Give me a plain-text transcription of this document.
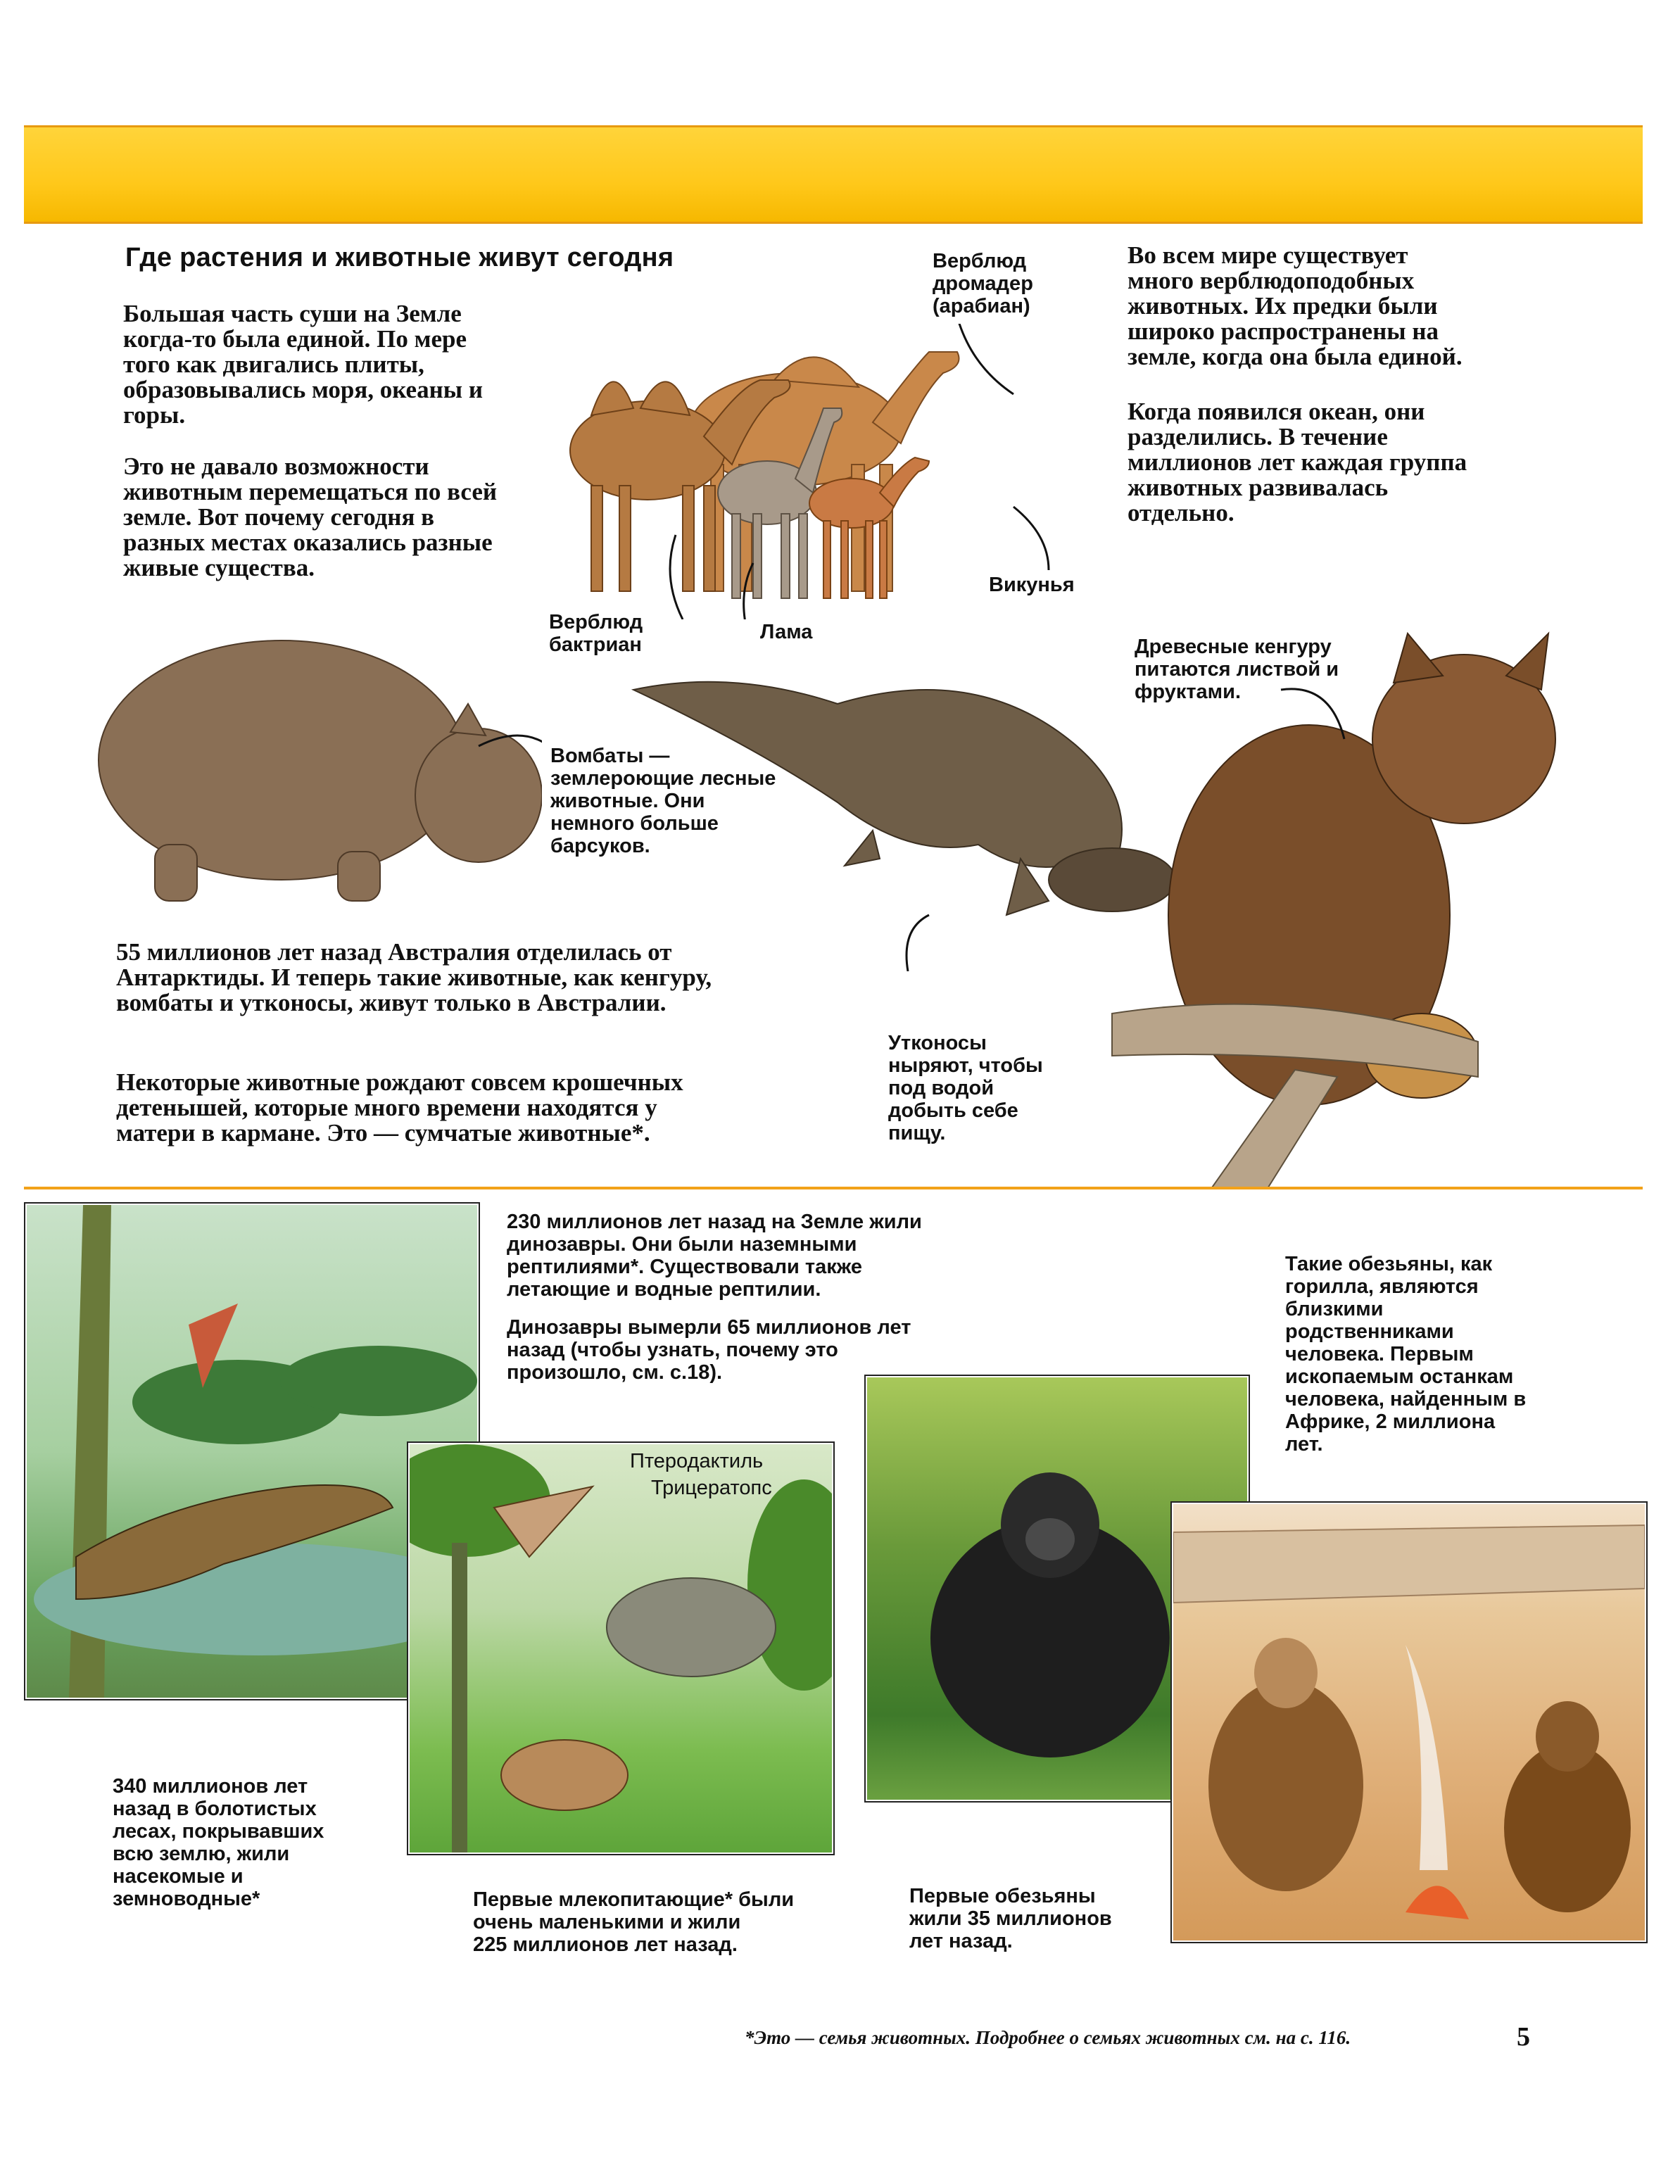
Где растения и животные живут сегодня
Большая часть суши на Земле
когда-то была единой. По мере
того как двигались плиты,
образовывались моря, океаны и
горы.
Это не давало возможности
животным перемещаться по всей
земле. Вот почему сегодня в
разных местах оказались разные
живые существа.
Верблюд
дромадер
(арабиан)
Верблюд
бактриан
Лама
Викунья
Во всем мире существует
много верблюдоподобных
животных. Их предки были
широко распространены на
земле, когда она была единой.
Когда появился океан, они
разделились. В течение
миллионов лет каждая группа
животных развивалась
отдельно.
Вомбаты —
землероющие лесные
животные. Они
немного больше
барсуков.
Утконосы
ныряют, чтобы
под водой
добыть себе
пищу.
Древесные кенгуру
питаются листвой и
фруктами.
55 миллионов лет назад Австралия отделилась от
Антарктиды. И теперь такие животные, как кенгуру,
вомбаты и утконосы, живут только в Австралии.
Некоторые животные рождают совсем крошечных
детенышей, которые много времени находятся у
матери в кармане. Это — сумчатые животные*.
Птеродактиль
Трицератопс
230 миллионов лет назад на Земле жили
динозавры. Они были наземными
рептилиями*. Существовали также
летающие и водные рептилии.
Динозавры вымерли 65 миллионов лет
назад (чтобы узнать, почему это
произошло, см. с.18).
Такие обезьяны, как
горилла, являются
близкими
родственниками
человека. Первым
ископаемым останкам
человека, найденным в
Африке, 2 миллиона
лет.
340 миллионов лет
назад в болотистых
лесах, покрывавших
всю землю, жили
насекомые и
земноводные*	Первые млекопитающие* были
очень маленькими и жили
225 миллионов лет назад.
Первые обезьяны
жили 35 миллионов
лет назад.
*Это — семья животных. Подробнее о семьях животных см. на с. 116.	5
